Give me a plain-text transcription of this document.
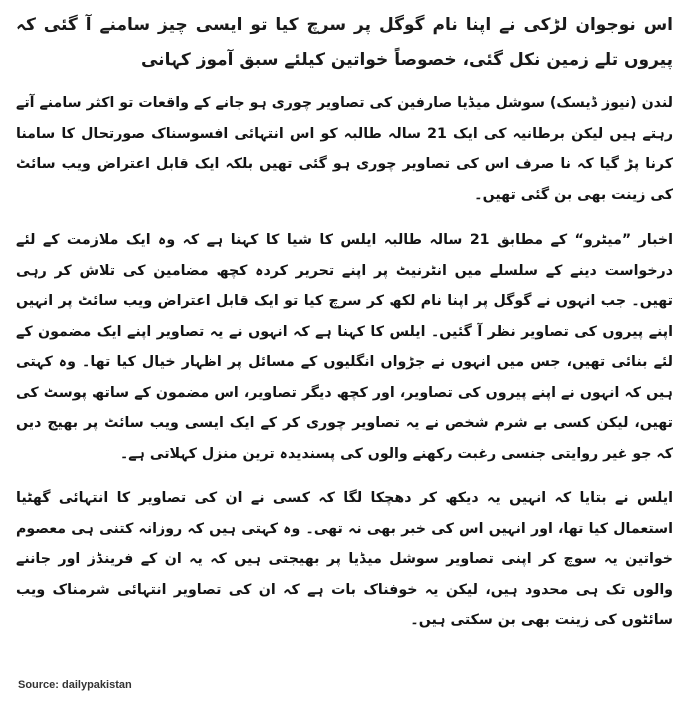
اس نوجوان لڑکی نے اپنا نام گوگل پر سرچ کیا تو ایسی چیز سامنے آ گئی کہ پیروں تلے زمین نکل گئی، خصوصاً خواتین کیلئے سبق آموز کہانی

لندن (نیوز ڈیسک) سوشل میڈیا صارفین کی تصاویر چوری ہو جانے کے واقعات تو اکثر سامنے آتے رہتے ہیں لیکن برطانیہ کی ایک 21 سالہ طالبہ کو اس انتہائی افسوسناک صورتحال کا سامنا کرنا پڑ گیا کہ نا صرف اس کی تصاویر چوری ہو گئی تھیں بلکہ ایک قابل اعتراض ویب سائٹ کی زینت بھی بن گئی تھیں۔

اخبار ”میٹرو“ کے مطابق 21 سالہ طالبہ ایلس کا شیا کا کہنا ہے کہ وہ ایک ملازمت کے لئے درخواست دینے کے سلسلے میں انٹرنیٹ پر اپنے تحریر کردہ کچھ مضامین کی تلاش کر رہی تھیں۔ جب انہوں نے گوگل پر اپنا نام لکھ کر سرچ کیا تو ایک قابل اعتراض ویب سائٹ پر انہیں اپنے پیروں کی تصاویر نظر آ گئیں۔ ایلس کا کہنا ہے کہ انہوں نے یہ تصاویر اپنے ایک مضمون کے لئے بنائی تھیں، جس میں انہوں نے جڑواں انگلیوں کے مسائل پر اظہار خیال کیا تھا۔ وہ کہتی ہیں کہ انہوں نے اپنے پیروں کی تصاویر، اور کچھ دیگر تصاویر، اس مضمون کے ساتھ پوسٹ کی تھیں، لیکن کسی بے شرم شخص نے یہ تصاویر چوری کر کے ایک ایسی ویب سائٹ پر بھیج دیں کہ جو غیر روایتی جنسی رغبت رکھنے والوں کی پسندیدہ ترین منزل کہلاتی ہے۔

ایلس نے بتایا کہ انہیں یہ دیکھ کر دھچکا لگا کہ کسی نے ان کی تصاویر کا انتہائی گھٹیا استعمال کیا تھا، اور انہیں اس کی خبر بھی نہ تھی۔ وہ کہتی ہیں کہ روزانہ کتنی ہی معصوم خواتین یہ سوچ کر اپنی تصاویر سوشل میڈیا پر بھیجتی ہیں کہ یہ ان کے فرینڈز اور جاننے والوں تک ہی محدود ہیں، لیکن یہ خوفناک بات ہے کہ ان کی تصاویر انتہائی شرمناک ویب سائٹوں کی زینت بھی بن سکتی ہیں۔

Source: dailypakistan
